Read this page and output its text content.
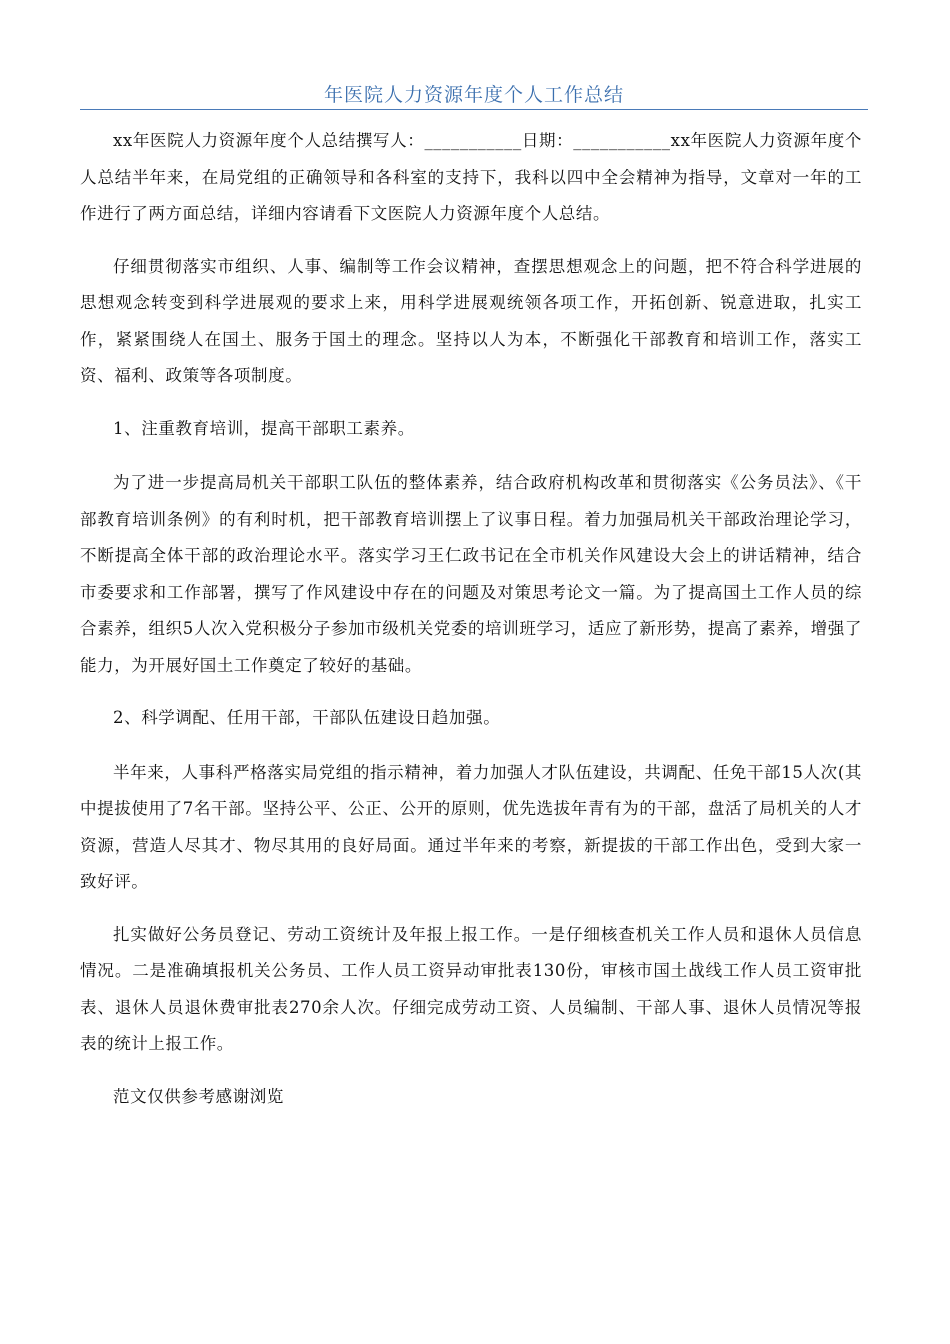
年医院人力资源年度个人工作总结

xx年医院人力资源年度个人总结撰写人：___________日期：___________xx年医院人力资源年度个人总结半年来，在局党组的正确领导和各科室的支持下，我科以四中全会精神为指导，文章对一年的工作进行了两方面总结，详细内容请看下文医院人力资源年度个人总结。

仔细贯彻落实市组织、人事、编制等工作会议精神，查摆思想观念上的问题，把不符合科学进展的思想观念转变到科学进展观的要求上来，用科学进展观统领各项工作，开拓创新、锐意进取，扎实工作，紧紧围绕人在国土、服务于国土的理念。坚持以人为本，不断强化干部教育和培训工作，落实工资、福利、政策等各项制度。

1、注重教育培训，提高干部职工素养。

为了进一步提高局机关干部职工队伍的整体素养，结合政府机构改革和贯彻落实《公务员法》、《干部教育培训条例》的有利时机，把干部教育培训摆上了议事日程。着力加强局机关干部政治理论学习，不断提高全体干部的政治理论水平。落实学习王仁政书记在全市机关作风建设大会上的讲话精神，结合市委要求和工作部署，撰写了作风建设中存在的问题及对策思考论文一篇。为了提高国土工作人员的综合素养，组织5人次入党积极分子参加市级机关党委的培训班学习，适应了新形势，提高了素养，增强了能力，为开展好国土工作奠定了较好的基础。

2、科学调配、任用干部，干部队伍建设日趋加强。

半年来，人事科严格落实局党组的指示精神，着力加强人才队伍建设，共调配、任免干部15人次(其中提拔使用了7名干部。坚持公平、公正、公开的原则，优先选拔年青有为的干部，盘活了局机关的人才资源，营造人尽其才、物尽其用的良好局面。通过半年来的考察，新提拔的干部工作出色，受到大家一致好评。

扎实做好公务员登记、劳动工资统计及年报上报工作。一是仔细核查机关工作人员和退休人员信息情况。二是准确填报机关公务员、工作人员工资异动审批表130份，审核市国土战线工作人员工资审批表、退休人员退休费审批表270余人次。仔细完成劳动工资、人员编制、干部人事、退休人员情况等报表的统计上报工作。

范文仅供参考感谢浏览
